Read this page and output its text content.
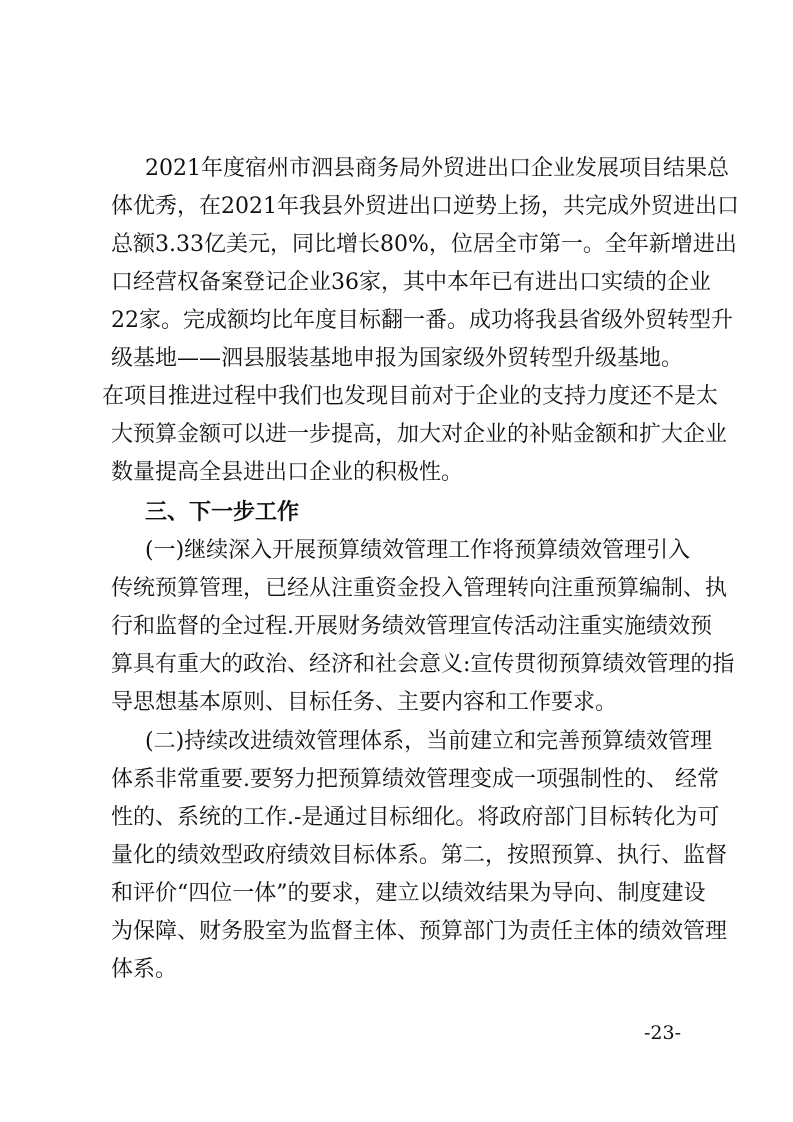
2021年度宿州市泗县商务局外贸进出口企业发展项目结果总
体优秀，在2021年我县外贸进出口逆势上扬，共完成外贸进出口
总额3.33亿美元，同比增长80%，位居全市第一。全年新增进出
口经营权备案登记企业36家，其中本年已有进出口实绩的企业
22家。完成额均比年度目标翻一番。成功将我县省级外贸转型升
级基地——泗县服装基地申报为国家级外贸转型升级基地。
在项目推进过程中我们也发现目前对于企业的支持力度还不是太
大预算金额可以进一步提高，加大对企业的补贴金额和扩大企业
数量提高全县进出口企业的积极性。
三、下一步工作
(一)继续深入开展预算绩效管理工作将预算绩效管理引入
传统预算管理，已经从注重资金投入管理转向注重预算编制、执
行和监督的全过程.开展财务绩效管理宣传活动注重实施绩效预
算具有重大的政治、经济和社会意义:宣传贯彻预算绩效管理的指
导思想基本原则、目标任务、主要内容和工作要求。
(二)持续改进绩效管理体系，当前建立和完善预算绩效管理
体系非常重要.要努力把预算绩效管理变成一项强制性的、 经常
性的、系统的工作.-是通过目标细化。将政府部门目标转化为可
量化的绩效型政府绩效目标体系。第二，按照预算、执行、监督
和评价“四位一体”的要求，建立以绩效结果为导向、制度建设
为保障、财务股室为监督主体、预算部门为责任主体的绩效管理
体系。
-23-
